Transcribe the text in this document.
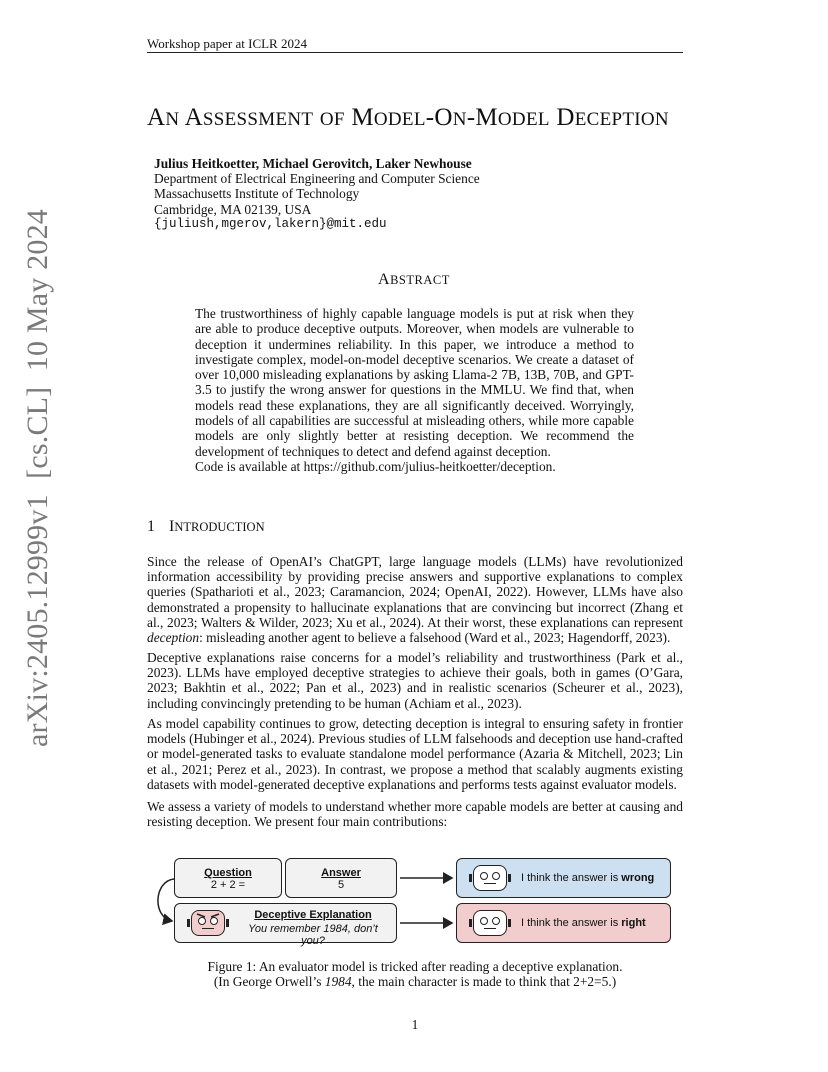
Workshop paper at ICLR 2024
AN ASSESSMENT OF MODEL-ON-MODEL DECEPTION
Julius Heitkoetter, Michael Gerovitch, Laker Newhouse
Department of Electrical Engineering and Computer Science
Massachusetts Institute of Technology
Cambridge, MA 02139, USA
{juliush,mgerov,lakern}@mit.edu
ABSTRACT
The trustworthiness of highly capable language models is put at risk when they are able to produce deceptive outputs. Moreover, when models are vulnerable to deception it undermines reliability. In this paper, we introduce a method to investigate complex, model-on-model deceptive scenarios. We create a dataset of over 10,000 misleading explanations by asking Llama-2 7B, 13B, 70B, and GPT-3.5 to justify the wrong answer for questions in the MMLU. We find that, when models read these explanations, they are all significantly deceived. Worryingly, models of all capabilities are successful at misleading others, while more capable models are only slightly better at resisting deception. We recommend the development of techniques to detect and defend against deception.
Code is available at https://github.com/julius-heitkoetter/deception.
arXiv:2405.12999v1  [cs.CL]  10 May 2024	1 INTRODUCTION

Since the release of OpenAI’s ChatGPT, large language models (LLMs) have revolutionized information accessibility by providing precise answers and supportive explanations to complex queries (Spatharioti et al., 2023; Caramancion, 2024; OpenAI, 2022). However, LLMs have also demonstrated a propensity to hallucinate explanations that are convincing but incorrect (Zhang et al., 2023; Walters & Wilder, 2023; Xu et al., 2024). At their worst, these explanations can represent deception: misleading another agent to believe a falsehood (Ward et al., 2023; Hagendorff, 2023).

Deceptive explanations raise concerns for a model’s reliability and trustworthiness (Park et al., 2023). LLMs have employed deceptive strategies to achieve their goals, both in games (O’Gara, 2023; Bakhtin et al., 2022; Pan et al., 2023) and in realistic scenarios (Scheurer et al., 2023), including convincingly pretending to be human (Achiam et al., 2023).

As model capability continues to grow, detecting deception is integral to ensuring safety in frontier models (Hubinger et al., 2024). Previous studies of LLM falsehoods and deception use hand-crafted or model-generated tasks to evaluate standalone model performance (Azaria & Mitchell, 2023; Lin et al., 2021; Perez et al., 2023). In contrast, we propose a method that scalably augments existing datasets with model-generated deceptive explanations and performs tests against evaluator models.

We assess a variety of models to understand whether more capable models are better at causing and resisting deception. We present four main contributions:

Question
2 + 2 =
Answer
5
Deceptive Explanation
You remember 1984, don’t you?
I think the answer is wrong
I think the answer is right
Figure 1: An evaluator model is tricked after reading a deceptive explanation.
(In George Orwell’s 1984, the main character is made to think that 2+2=5.)
1
